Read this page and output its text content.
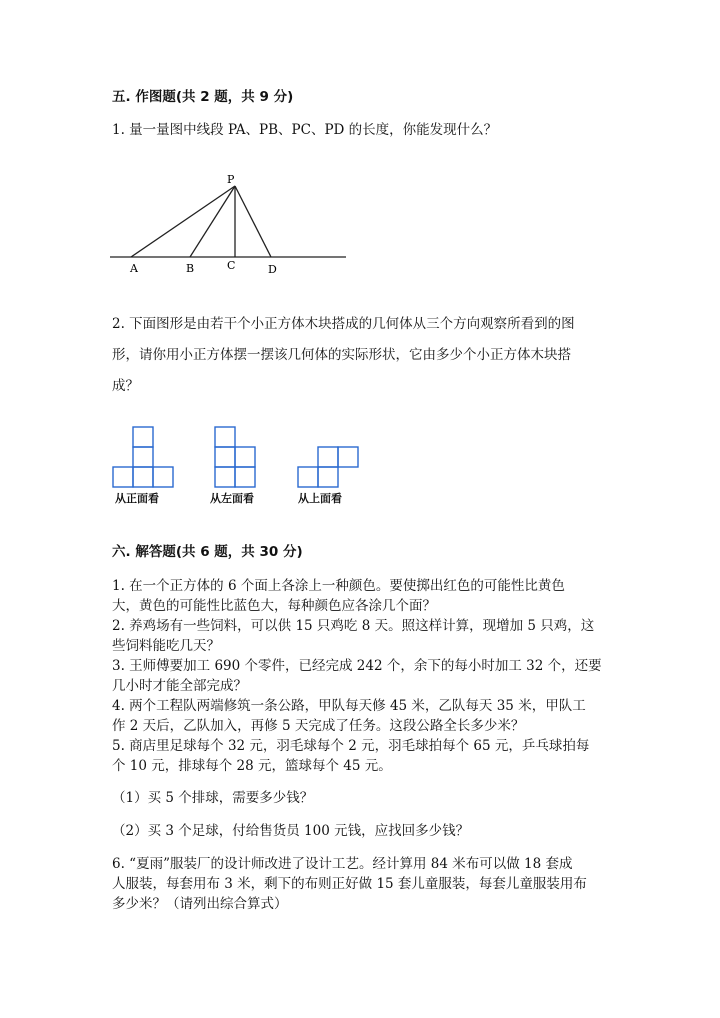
五. 作图题(共 2 题，共 9 分)
1. 量一量图中线段 PA、PB、PC、PD 的长度，你能发现什么？
P
A	B	C	D
2. 下面图形是由若干个小正方体木块搭成的几何体从三个方向观察所看到的图
形，请你用小正方体摆一摆该几何体的实际形状，它由多少个小正方体木块搭
成？
从正面看	从左面看	从上面看
六. 解答题(共 6 题，共 30 分)
1. 在一个正方体的 6 个面上各涂上一种颜色。要使掷出红色的可能性比黄色
大，黄色的可能性比蓝色大，每种颜色应各涂几个面？
2. 养鸡场有一些饲料，可以供 15 只鸡吃 8 天。照这样计算，现增加 5 只鸡，这
些饲料能吃几天？
3. 王师傅要加工 690 个零件，已经完成 242 个，余下的每小时加工 32 个，还要
几小时才能全部完成？
4. 两个工程队两端修筑一条公路，甲队每天修 45 米，乙队每天 35 米，甲队工
作 2 天后，乙队加入，再修 5 天完成了任务。这段公路全长多少米？
5. 商店里足球每个 32 元，羽毛球每个 2 元，羽毛球拍每个 65 元，乒乓球拍每
个 10 元，排球每个 28 元，篮球每个 45 元。
（1）买 5 个排球，需要多少钱？
（2）买 3 个足球，付给售货员 100 元钱，应找回多少钱？
6. “夏雨”服装厂的设计师改进了设计工艺。经计算用 84 米布可以做 18 套成
人服装，每套用布 3 米，剩下的布则正好做 15 套儿童服装，每套儿童服装用布
多少米？（请列出综合算式）
